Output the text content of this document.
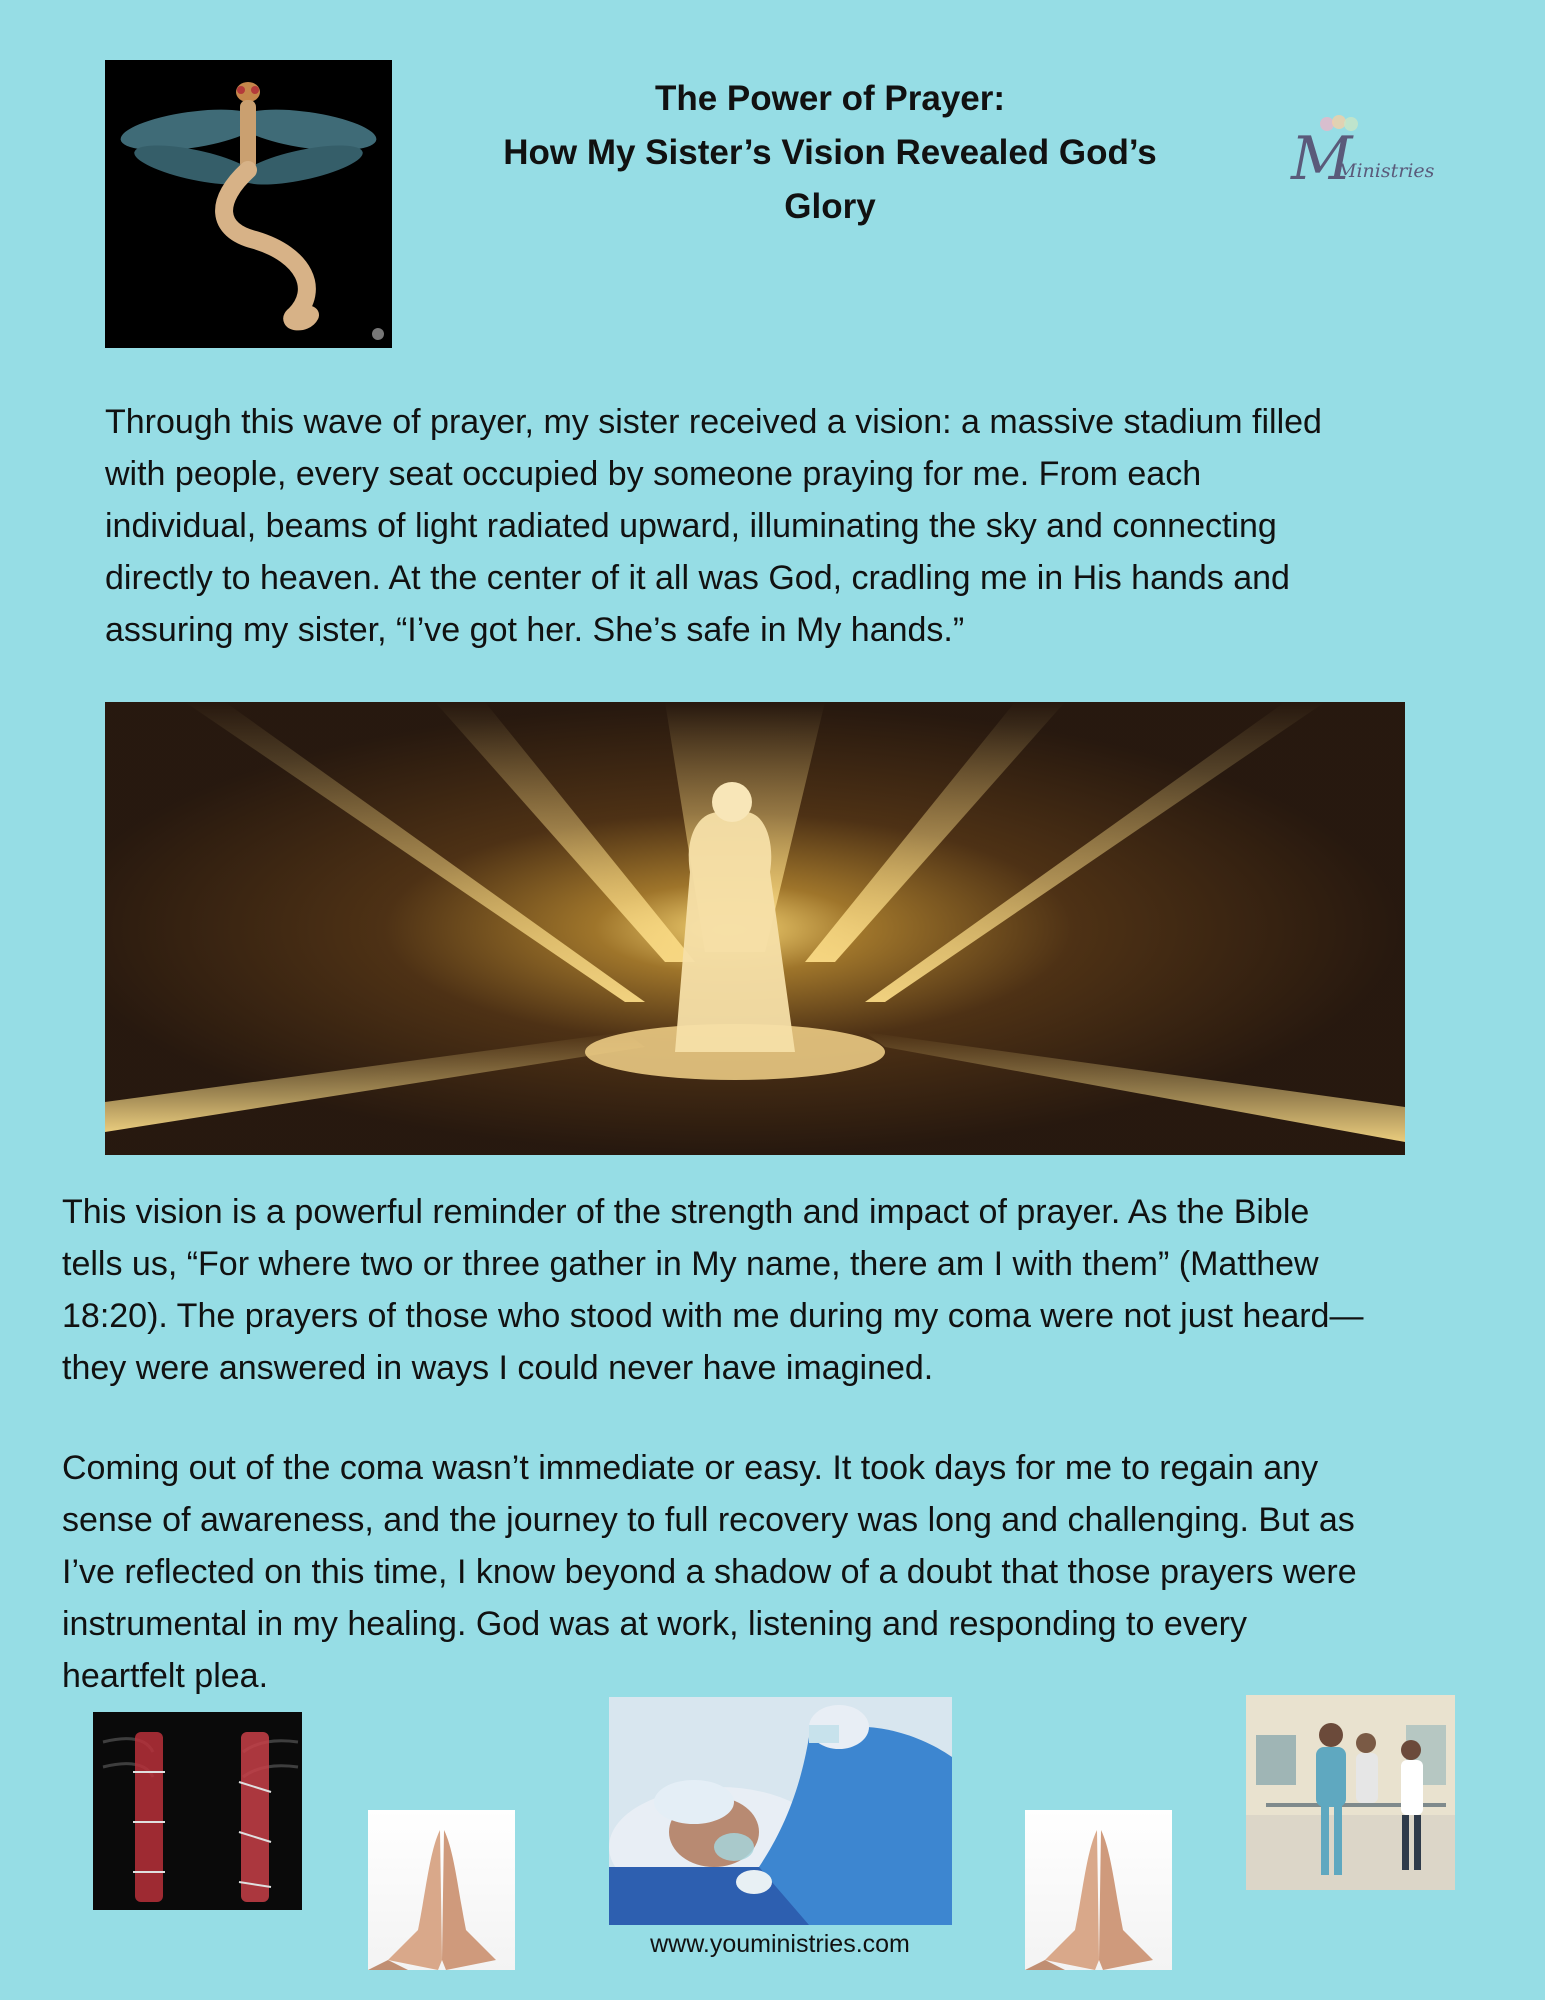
The Power of Prayer:
How My Sister’s Vision Revealed God’s
Glory
M
Ministries
Through this wave of prayer, my sister received a vision: a massive stadium filled
with people, every seat occupied by someone praying for me. From each
individual, beams of light radiated upward, illuminating the sky and connecting
directly to heaven. At the center of it all was God, cradling me in His hands and
assuring my sister, “I’ve got her. She’s safe in My hands.”
This vision is a powerful reminder of the strength and impact of prayer. As the Bible
tells us, “For where two or three gather in My name, there am I with them” (Matthew
18:20). The prayers of those who stood with me during my coma were not just heard—
they were answered in ways I could never have imagined.
Coming out of the coma wasn’t immediate or easy. It took days for me to regain any
sense of awareness, and the journey to full recovery was long and challenging. But as
I’ve reflected on this time, I know beyond a shadow of a doubt that those prayers were
instrumental in my healing. God was at work, listening and responding to every
heartfelt plea.
www.youministries.com
